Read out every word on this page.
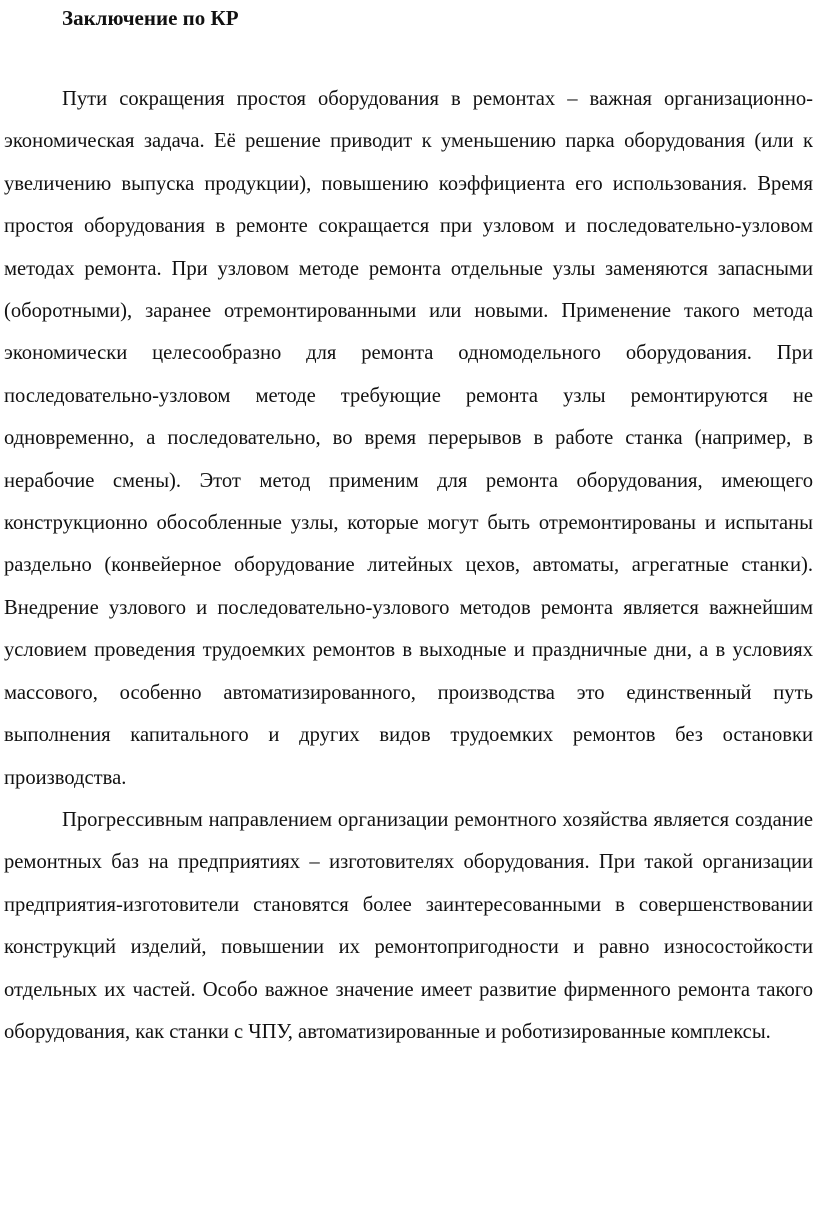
Заключение по КР

Пути сокращения простоя оборудования в ремонтах – важная организационно-экономическая задача. Её решение приводит к уменьшению парка оборудования (или к увеличению выпуска продукции), повышению коэффициента его использования. Время простоя оборудования в ремонте сокращается при узловом и последовательно-узловом методах ремонта. При узловом методе ремонта отдельные узлы заменяются запасными (оборотными), заранее отремонтированными или новыми. Применение такого метода экономически целесообразно для ремонта одномодельного оборудования. При последовательно-узловом методе требующие ремонта узлы ремонтируются не одновременно, а последовательно, во время перерывов в работе станка (например, в нерабочие смены). Этот метод применим для ремонта оборудования, имеющего конструкционно обособленные узлы, которые могут быть отремонтированы и испытаны раздельно (конвейерное оборудование литейных цехов, автоматы, агрегатные станки). Внедрение узлового и последовательно-узлового методов ремонта является важнейшим условием проведения трудоемких ремонтов в выходные и праздничные дни, а в условиях массового, особенно автоматизированного, производства это единственный путь выполнения капитального и других видов трудоемких ремонтов без остановки производства.

Прогрессивным направлением организации ремонтного хозяйства является создание ремонтных баз на предприятиях – изготовителях оборудования. При такой организации предприятия-изготовители становятся более заинтересованными в совершенствовании конструкций изделий, повышении их ремонтопригодности и равно износостойкости отдельных их частей. Особо важное значение имеет развитие фирменного ремонта такого оборудования, как станки с ЧПУ, автоматизированные и роботизированные комплексы.
